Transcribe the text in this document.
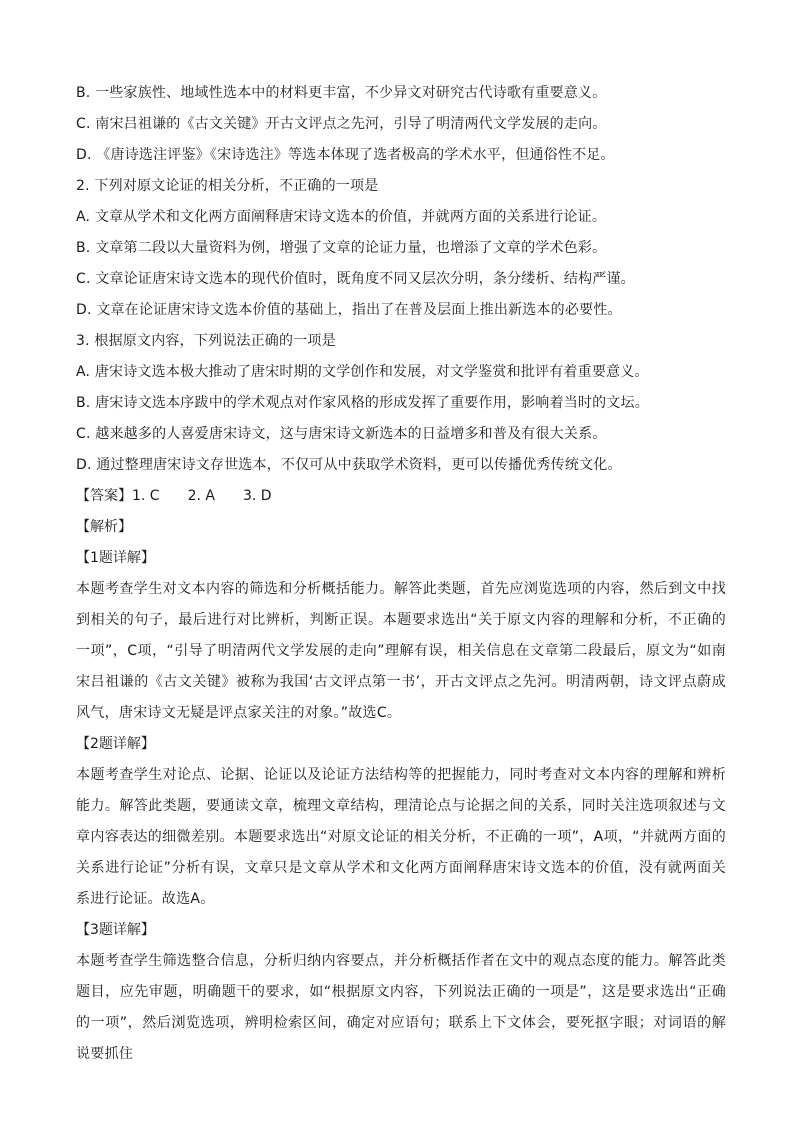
B. 一些家族性、地域性选本中的材料更丰富，不少异文对研究古代诗歌有重要意义。
C. 南宋吕祖谦的《古文关键》开古文评点之先河，引导了明清两代文学发展的走向。
D. 《唐诗选注评鉴》《宋诗选注》等选本体现了选者极高的学术水平，但通俗性不足。
2. 下列对原文论证的相关分析，不正确的一项是
A. 文章从学术和文化两方面阐释唐宋诗文选本的价值，并就两方面的关系进行论证。
B. 文章第二段以大量资料为例，增强了文章的论证力量，也增添了文章的学术色彩。
C. 文章论证唐宋诗文选本的现代价值时，既角度不同又层次分明，条分缕析、结构严谨。
D. 文章在论证唐宋诗文选本价值的基础上，指出了在普及层面上推出新选本的必要性。
3. 根据原文内容，下列说法正确的一项是
A. 唐宋诗文选本极大推动了唐宋时期的文学创作和发展，对文学鉴赏和批评有着重要意义。
B. 唐宋诗文选本序跋中的学术观点对作家风格的形成发挥了重要作用，影响着当时的文坛。
C. 越来越多的人喜爱唐宋诗文，这与唐宋诗文新选本的日益增多和普及有很大关系。
D. 通过整理唐宋诗文存世选本，不仅可从中获取学术资料，更可以传播优秀传统文化。
【答案】1. C　　2. A　　3. D
【解析】
【1题详解】
本题考查学生对文本内容的筛选和分析概括能力。解答此类题，首先应浏览选项的内容，然后到文中找到相关的句子，最后进行对比辨析，判断正误。本题要求选出“关于原文内容的理解和分析，不正确的一项”，C项，“引导了明清两代文学发展的走向”理解有误，相关信息在文章第二段最后，原文为“如南宋吕祖谦的《古文关键》被称为我国‘古文评点第一书’，开古文评点之先河。明清两朝，诗文评点蔚成风气，唐宋诗文无疑是评点家关注的对象。”故选C。
【2题详解】
本题考查学生对论点、论据、论证以及论证方法结构等的把握能力，同时考查对文本内容的理解和辨析能力。解答此类题，要通读文章，梳理文章结构，理清论点与论据之间的关系，同时关注选项叙述与文章内容表达的细微差别。本题要求选出“对原文论证的相关分析，不正确的一项”，A项，“并就两方面的关系进行论证”分析有误，文章只是文章从学术和文化两方面阐释唐宋诗文选本的价值，没有就两面关系进行论证。故选A。
【3题详解】
本题考查学生筛选整合信息，分析归纳内容要点，并分析概括作者在文中的观点态度的能力。解答此类题目，应先审题，明确题干的要求，如“根据原文内容，下列说法正确的一项是”，这是要求选出“正确的一项”，然后浏览选项，辨明检索区间，确定对应语句；联系上下文体会，要死抠字眼；对词语的解说要抓住
